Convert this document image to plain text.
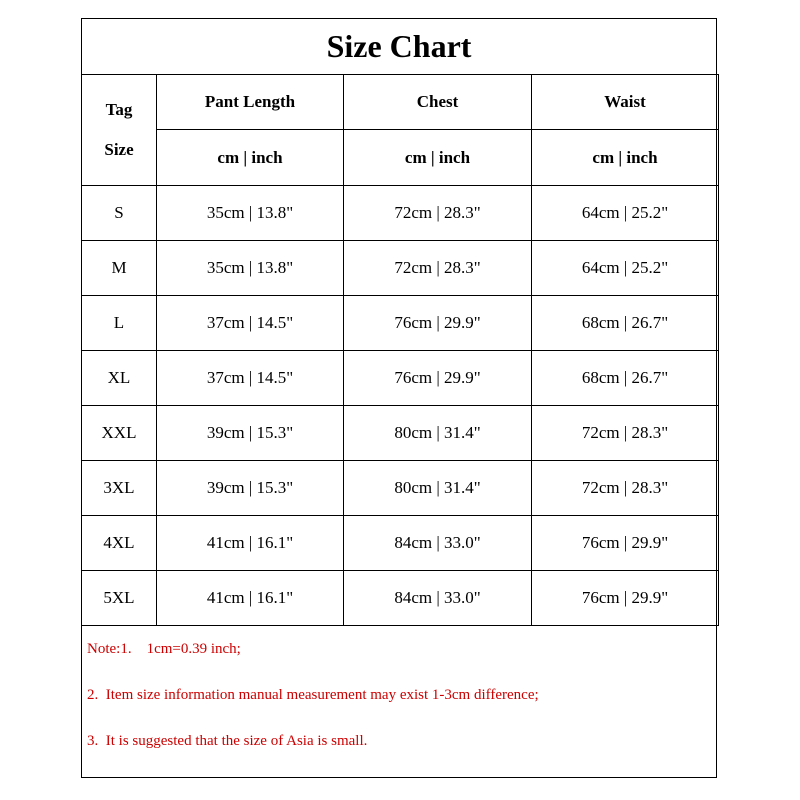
Size Chart
Tag
Size	Pant Length	Chest	Waist
	cm | inch	cm | inch	cm | inch
S	35cm | 13.8"	72cm | 28.3"	64cm | 25.2"
M	35cm | 13.8"	72cm | 28.3"	64cm | 25.2"
L	37cm | 14.5"	76cm | 29.9"	68cm | 26.7"
XL	37cm | 14.5"	76cm | 29.9"	68cm | 26.7"
XXL	39cm | 15.3"	80cm | 31.4"	72cm | 28.3"
3XL	39cm | 15.3"	80cm | 31.4"	72cm | 28.3"
4XL	41cm | 16.1"	84cm | 33.0"	76cm | 29.9"
5XL	41cm | 16.1"	84cm | 33.0"	76cm | 29.9"
Note:1.    1cm=0.39 inch;
2.  Item size information manual measurement may exist 1-3cm difference;
3.  It is suggested that the size of Asia is small.
